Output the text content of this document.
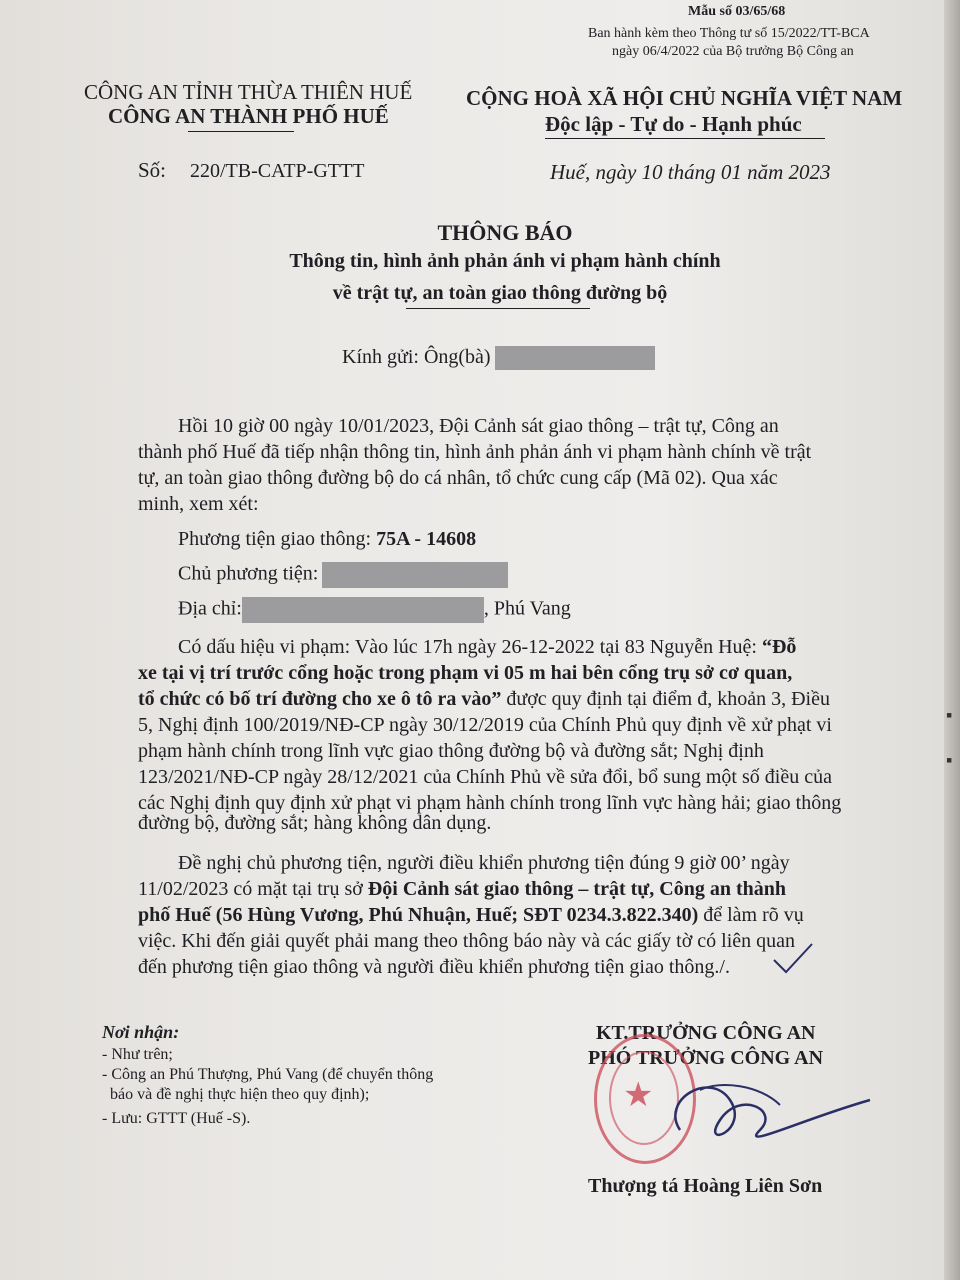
▪
▪
Mẫu số 03/65/68
Ban hành kèm theo Thông tư số 15/2022/TT-BCA
ngày 06/4/2022 của Bộ trưởng Bộ Công an
CÔNG AN TỈNH THỪA THIÊN HUẾ
CÔNG AN THÀNH PHỐ HUẾ
Số: 220/TB-CATP-GTTT
CỘNG HOÀ XÃ HỘI CHỦ NGHĨA VIỆT NAM
Độc lập - Tự do - Hạnh phúc
Huế, ngày 10 tháng 01 năm 2023
THÔNG BÁO
Thông tin, hình ảnh phản ánh vi phạm hành chính
về trật tự, an toàn giao thông đường bộ
Kính gửi: Ông(bà)
Hồi 10 giờ 00 ngày 10/01/2023, Đội Cảnh sát giao thông – trật tự, Công an
thành phố Huế đã tiếp nhận thông tin, hình ảnh phản ánh vi phạm hành chính về trật
tự, an toàn giao thông đường bộ do cá nhân, tổ chức cung cấp (Mã 02). Qua xác
minh, xem xét:
Phương tiện giao thông: 75A - 14608
Chủ phương tiện:
Địa chỉ:	, Phú Vang
Có dấu hiệu vi phạm: Vào lúc 17h ngày 26-12-2022 tại 83 Nguyễn Huệ: “Đỗ
xe tại vị trí trước cổng hoặc trong phạm vi 05 m hai bên cổng trụ sở cơ quan,
tổ chức có bố trí đường cho xe ô tô ra vào” được quy định tại điểm đ, khoản 3, Điều
5, Nghị định 100/2019/NĐ-CP ngày 30/12/2019 của Chính Phủ quy định về xử phạt vi
phạm hành chính trong lĩnh vực giao thông đường bộ và đường sắt; Nghị định
123/2021/NĐ-CP ngày 28/12/2021 của Chính Phủ về sửa đổi, bổ sung một số điều của
các Nghị định quy định xử phạt vi phạm hành chính trong lĩnh vực hàng hải; giao thông
đường bộ, đường sắt; hàng không dân dụng.
Đề nghị chủ phương tiện, người điều khiển phương tiện đúng 9 giờ 00’ ngày
11/02/2023 có mặt tại trụ sở Đội Cảnh sát giao thông – trật tự, Công an thành
phố Huế (56 Hùng Vương, Phú Nhuận, Huế; SĐT 0234.3.822.340) để làm rõ vụ
việc. Khi đến giải quyết phải mang theo thông báo này và các giấy tờ có liên quan
đến phương tiện giao thông và người điều khiển phương tiện giao thông./.
Nơi nhận:
- Như trên;
- Công an Phú Thượng, Phú Vang (để chuyển thông
báo và đề nghị thực hiện theo quy định);
- Lưu: GTTT (Huế -S).
KT.TRƯỞNG CÔNG AN
PHÓ TRƯỞNG CÔNG AN
★
Thượng tá Hoàng Liên Sơn
